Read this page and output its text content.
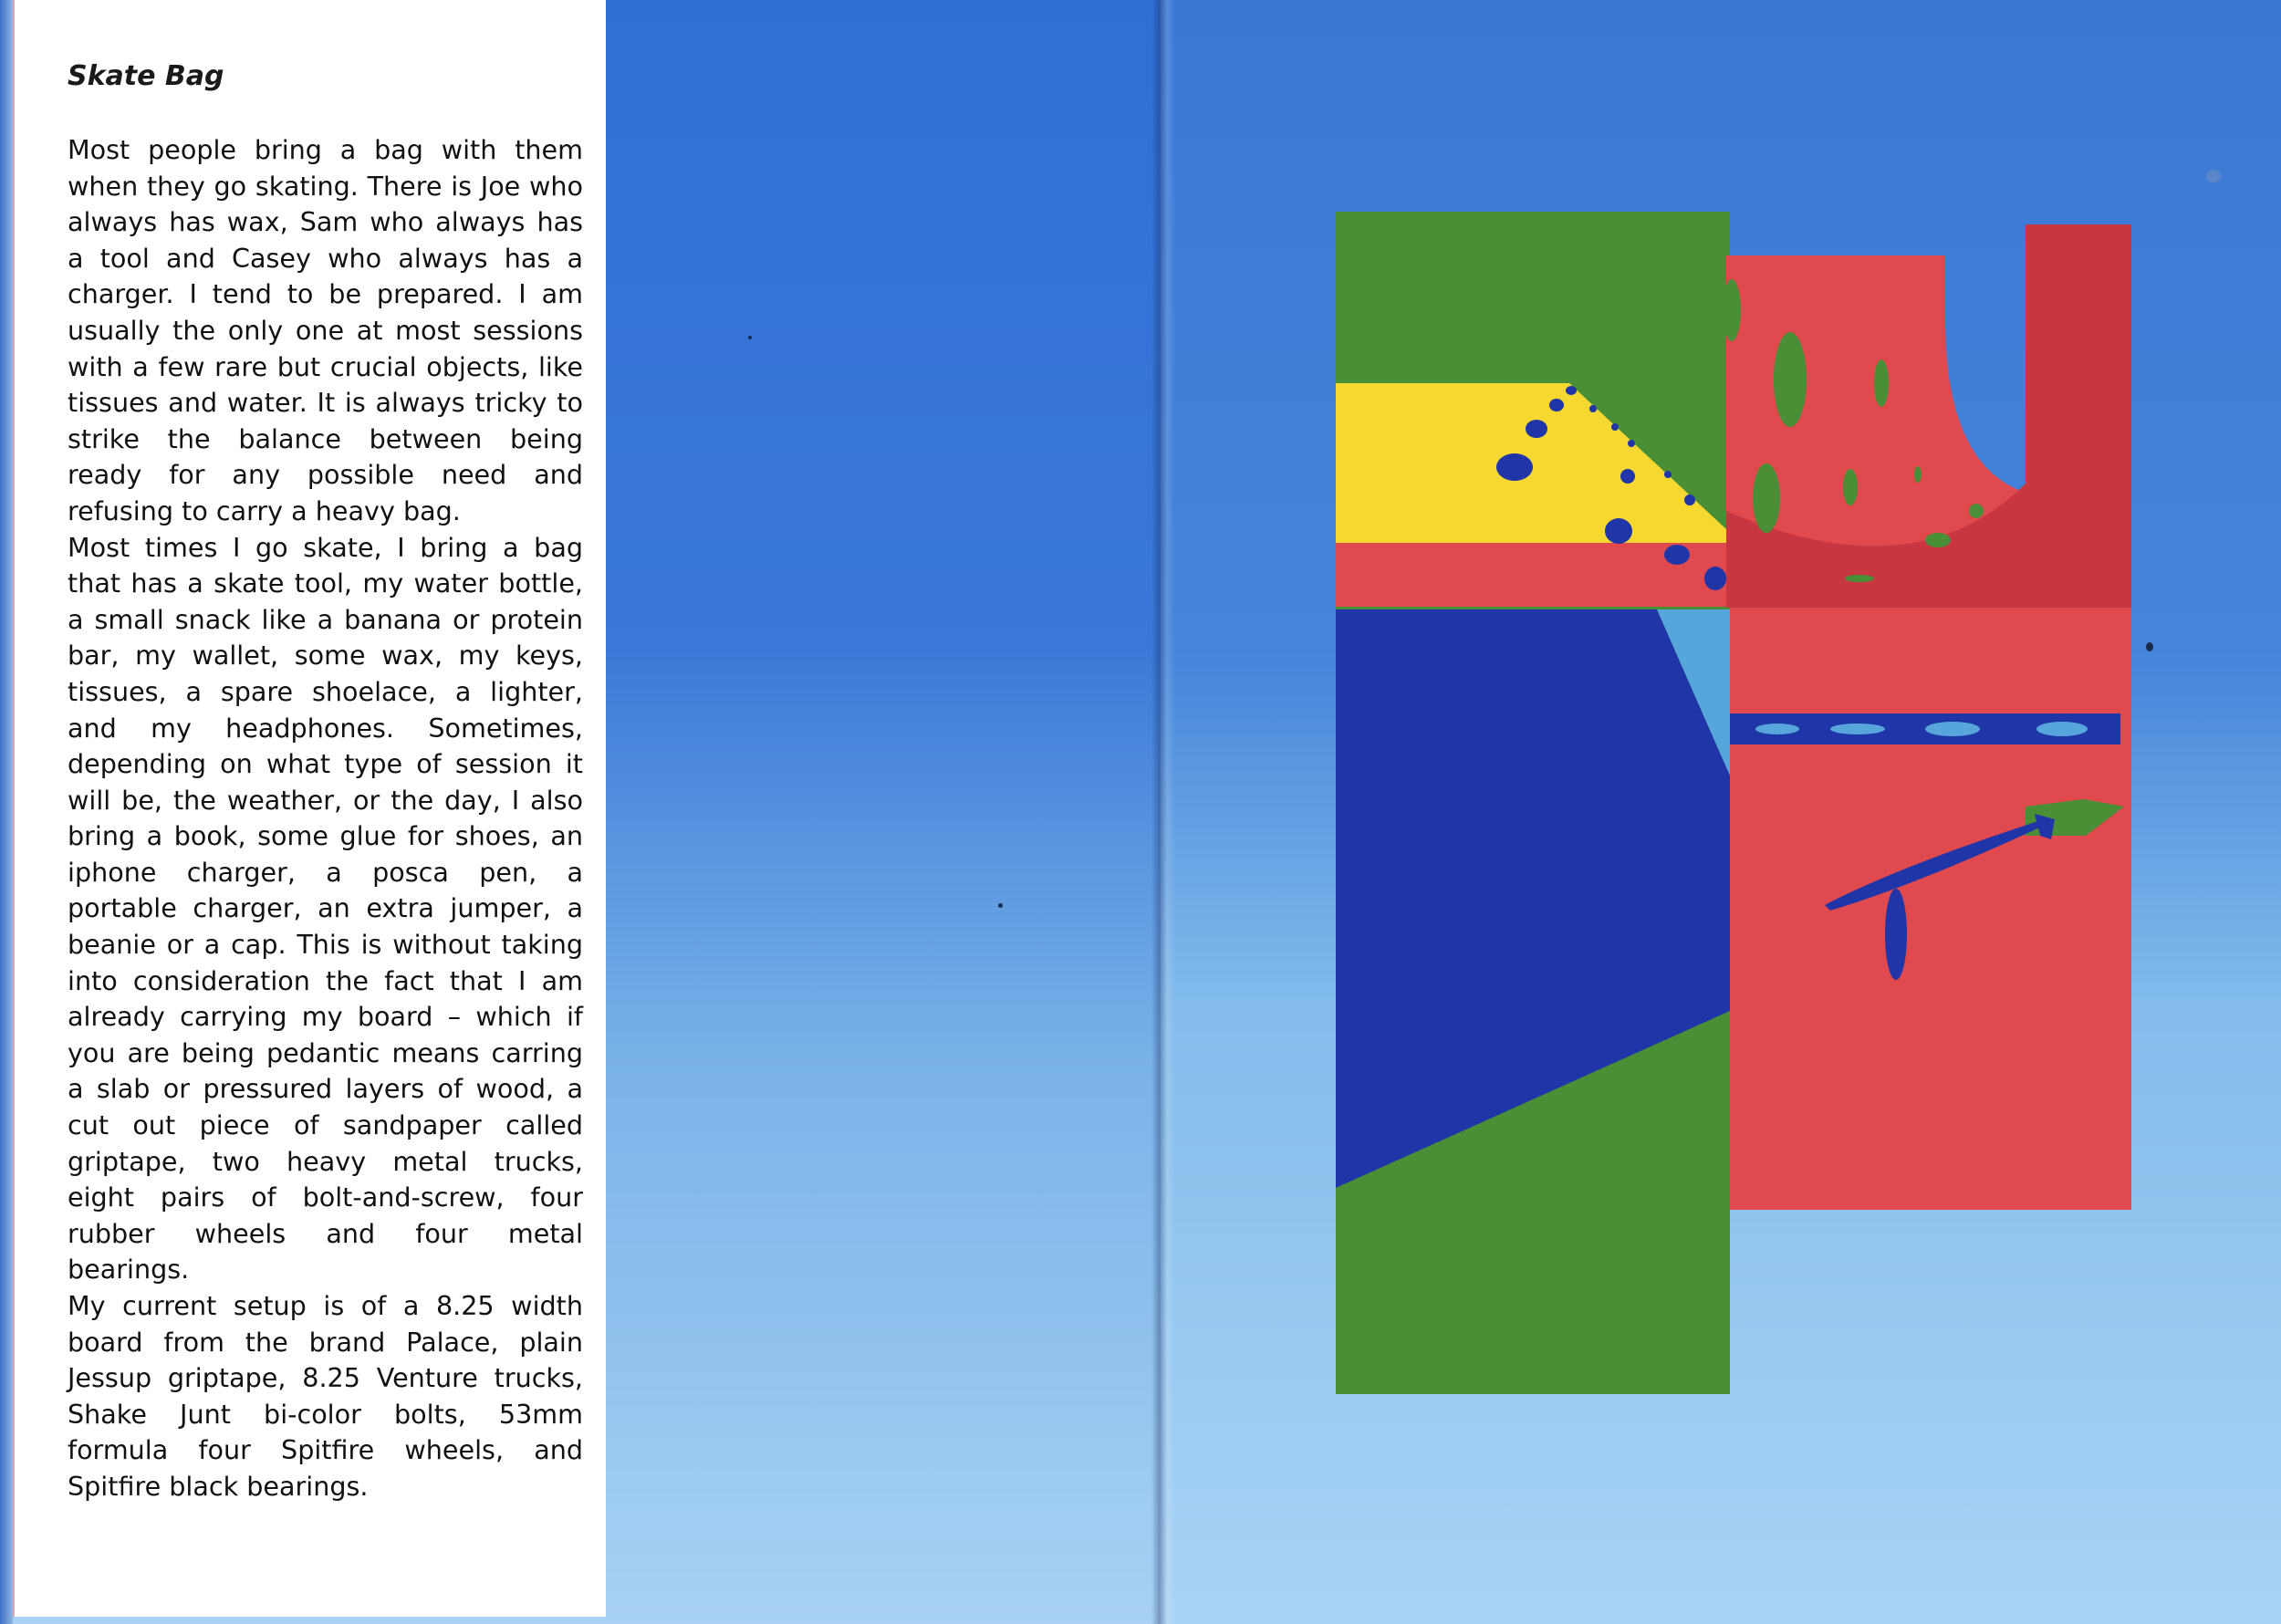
Skate Bag

Most people bring a bag with them when they go skating. There is Joe who always has wax, Sam who always has a tool and Casey who always has a charger. I tend to be prepared. I am usually the only one at most sessions with a few rare but crucial objects, like tissues and water. It is always tricky to strike the balance between being ready for any possible need and refusing to carry a heavy bag.

Most times I go skate, I bring a bag that has a skate tool, my water bottle, a small snack like a banana or protein bar, my wallet, some wax, my keys, tissues, a spare shoelace, a lighter, and my headphones. Sometimes, depending on what type of session it will be, the weather, or the day, I also bring a book, some glue for shoes, an iphone charger, a posca pen, a portable charger, an extra jumper, a beanie or a cap. This is without taking into consideration the fact that I am already carrying my board – which if you are being pedantic means carring a slab or pressured layers of wood, a cut out piece of sandpaper called griptape, two heavy metal trucks, eight pairs of bolt-and-screw, four rubber wheels and four metal bearings.

My current setup is of a 8.25 width board from the brand Palace, plain Jessup griptape, 8.25 Venture trucks, Shake Junt bi-color bolts, 53mm formula four Spitfire wheels, and Spitfire black bearings.
